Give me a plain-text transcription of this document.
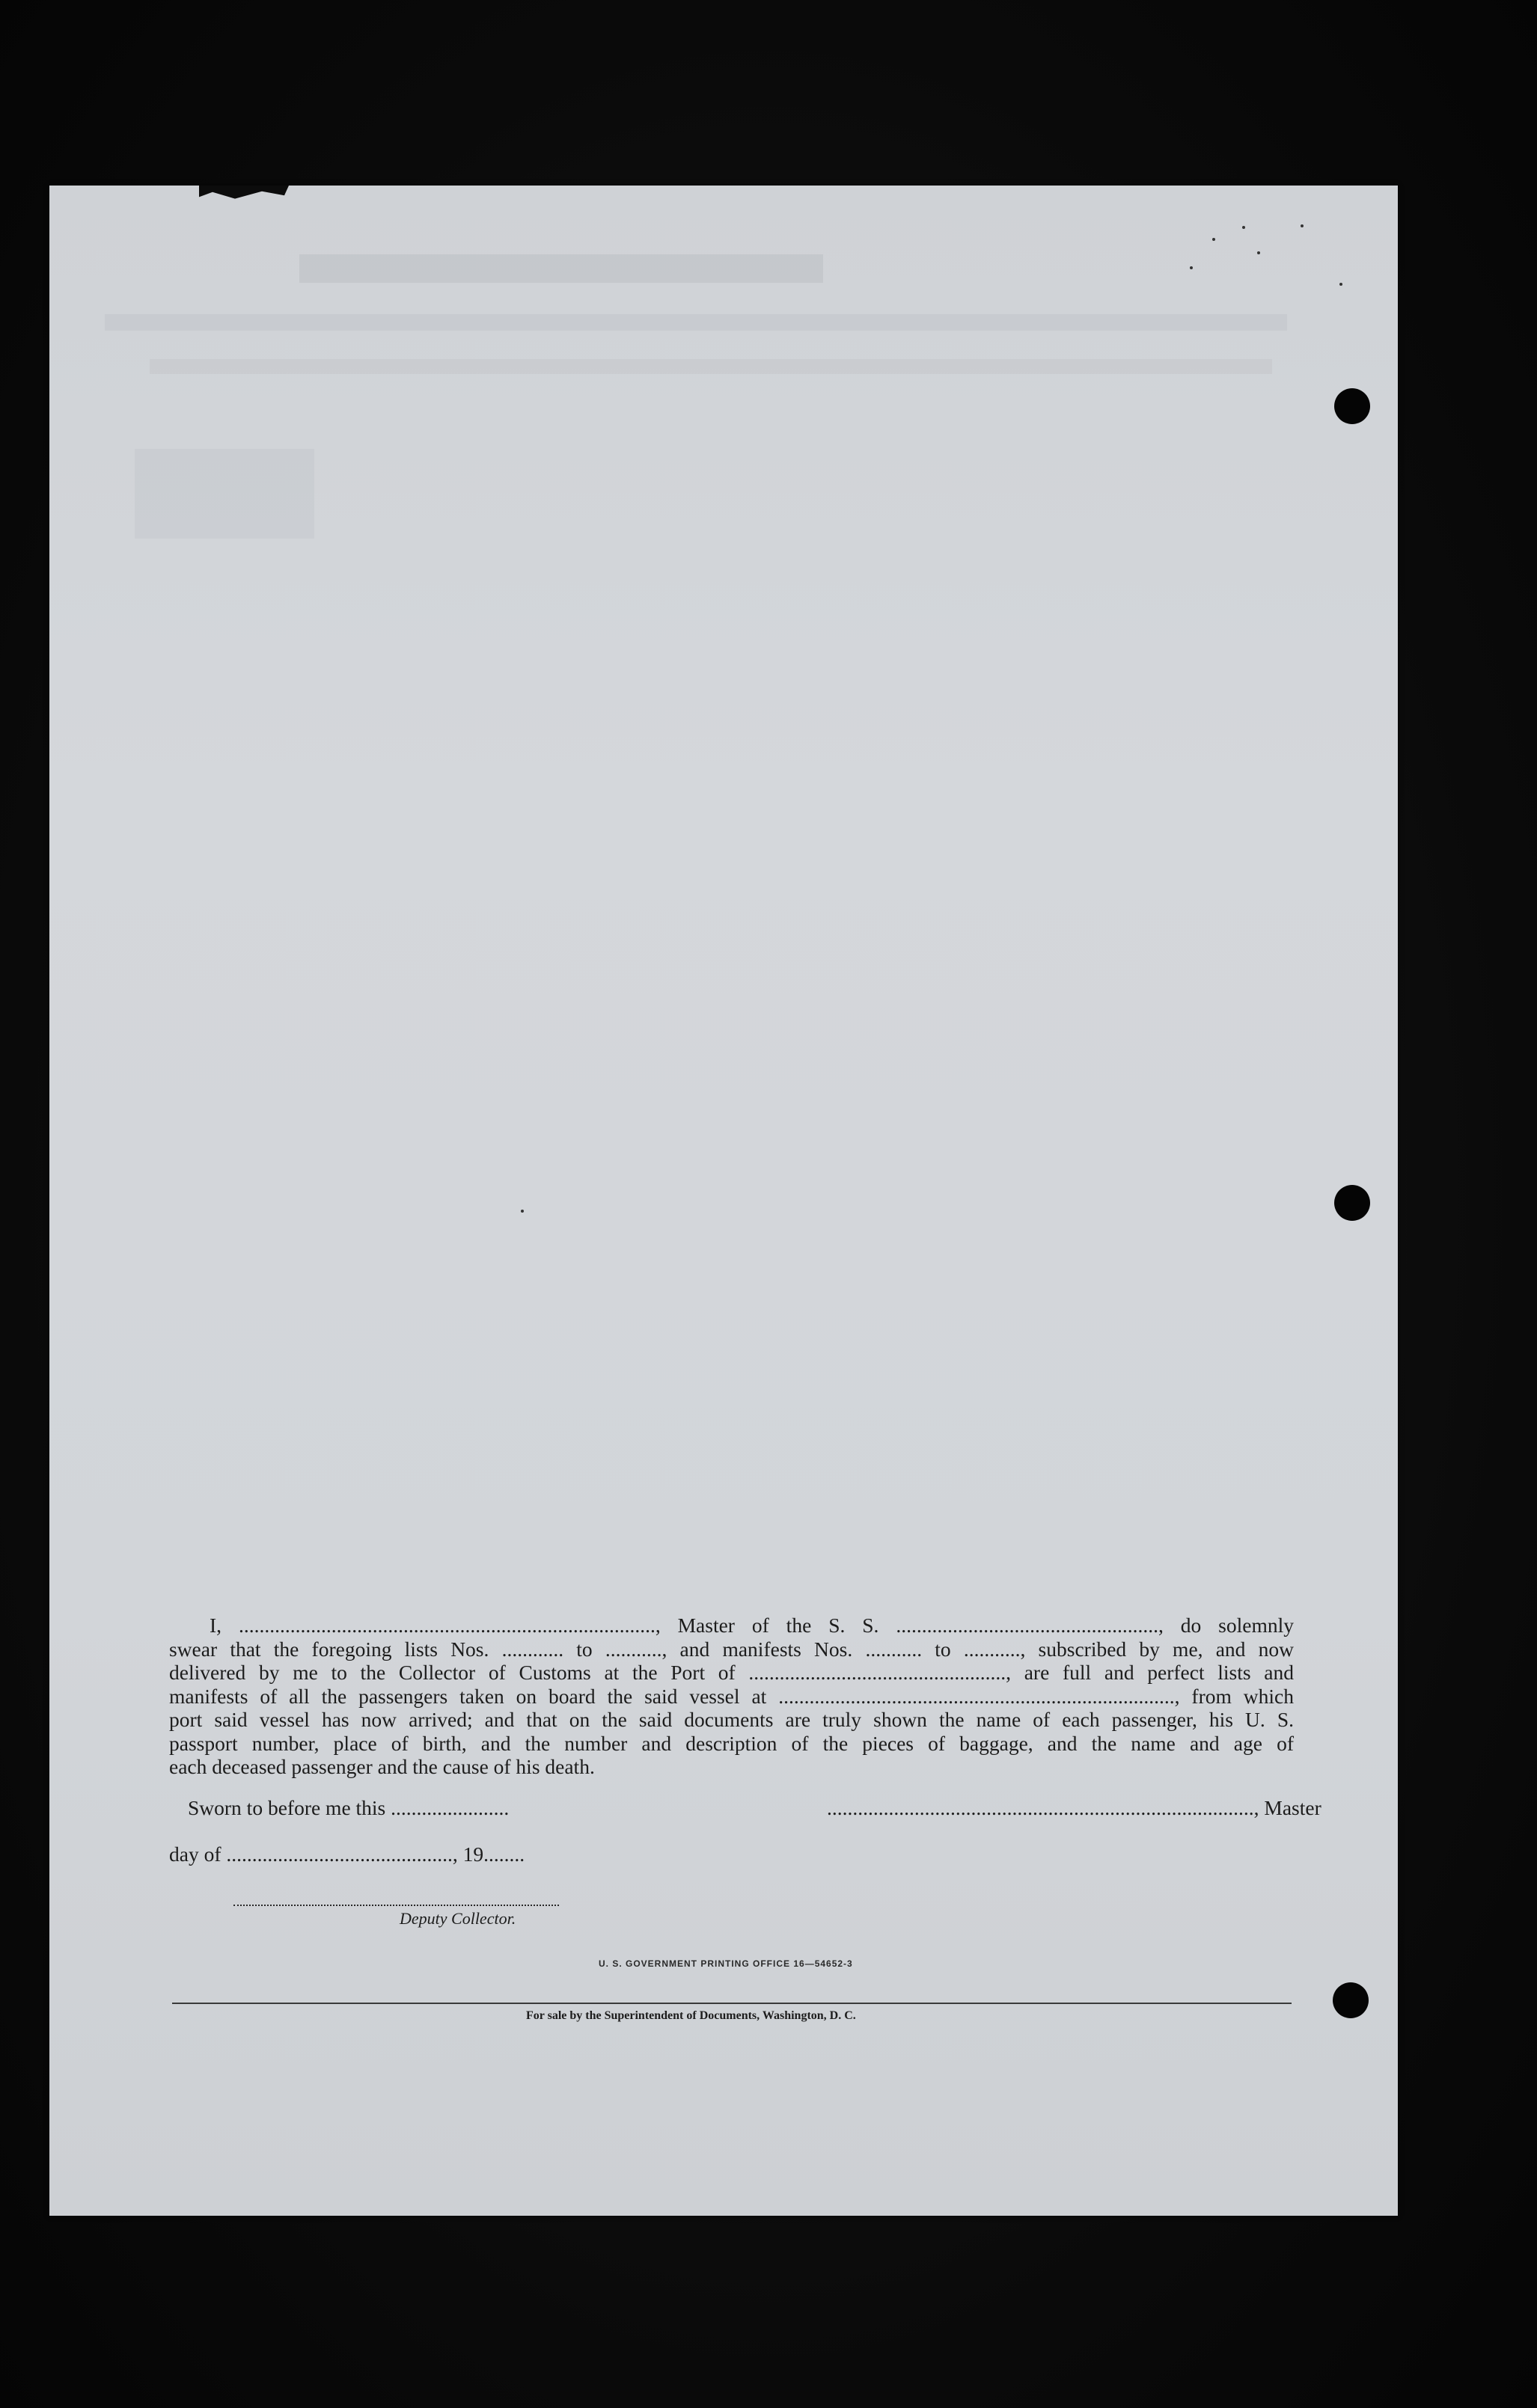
I, ................................................................................., Master of the S. S. ..................................................., do solemnly
swear that the foregoing lists Nos. ............ to ..........., and manifests Nos. ........... to ..........., subscribed by me, and now
delivered by me to the Collector of Customs at the Port of .................................................., are full and perfect lists and
manifests of all the passengers taken on board the said vessel at ............................................................................., from which
port said vessel has now arrived; and that on the said documents are truly shown the name of each passenger, his U. S.
passport number, place of birth, and the number and description of the pieces of baggage, and the name and age of
each deceased passenger and the cause of his death.
Sworn to before me this .......................	..................................................................................., Master
day of ............................................, 19........
Deputy Collector.
U. S. GOVERNMENT PRINTING OFFICE 16—54652-3
For sale by the Superintendent of Documents, Washington, D. C.
